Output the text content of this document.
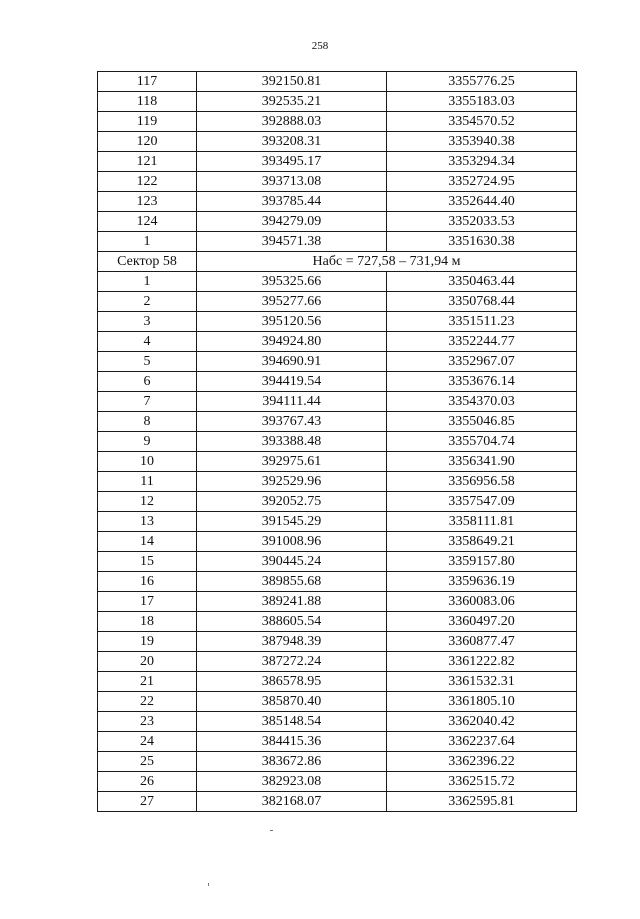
258
117	392150.81	3355776.25
118	392535.21	3355183.03
119	392888.03	3354570.52
120	393208.31	3353940.38
121	393495.17	3353294.34
122	393713.08	3352724.95
123	393785.44	3352644.40
124	394279.09	3352033.53
1	394571.38	3351630.38
Сектор 58	Набс = 727,58 – 731,94 м	
1	395325.66	3350463.44
2	395277.66	3350768.44
3	395120.56	3351511.23
4	394924.80	3352244.77
5	394690.91	3352967.07
6	394419.54	3353676.14
7	394111.44	3354370.03
8	393767.43	3355046.85
9	393388.48	3355704.74
10	392975.61	3356341.90
11	392529.96	3356956.58
12	392052.75	3357547.09
13	391545.29	3358111.81
14	391008.96	3358649.21
15	390445.24	3359157.80
16	389855.68	3359636.19
17	389241.88	3360083.06
18	388605.54	3360497.20
19	387948.39	3360877.47
20	387272.24	3361222.82
21	386578.95	3361532.31
22	385870.40	3361805.10
23	385148.54	3362040.42
24	384415.36	3362237.64
25	383672.86	3362396.22
26	382923.08	3362515.72
27	382168.07	3362595.81
